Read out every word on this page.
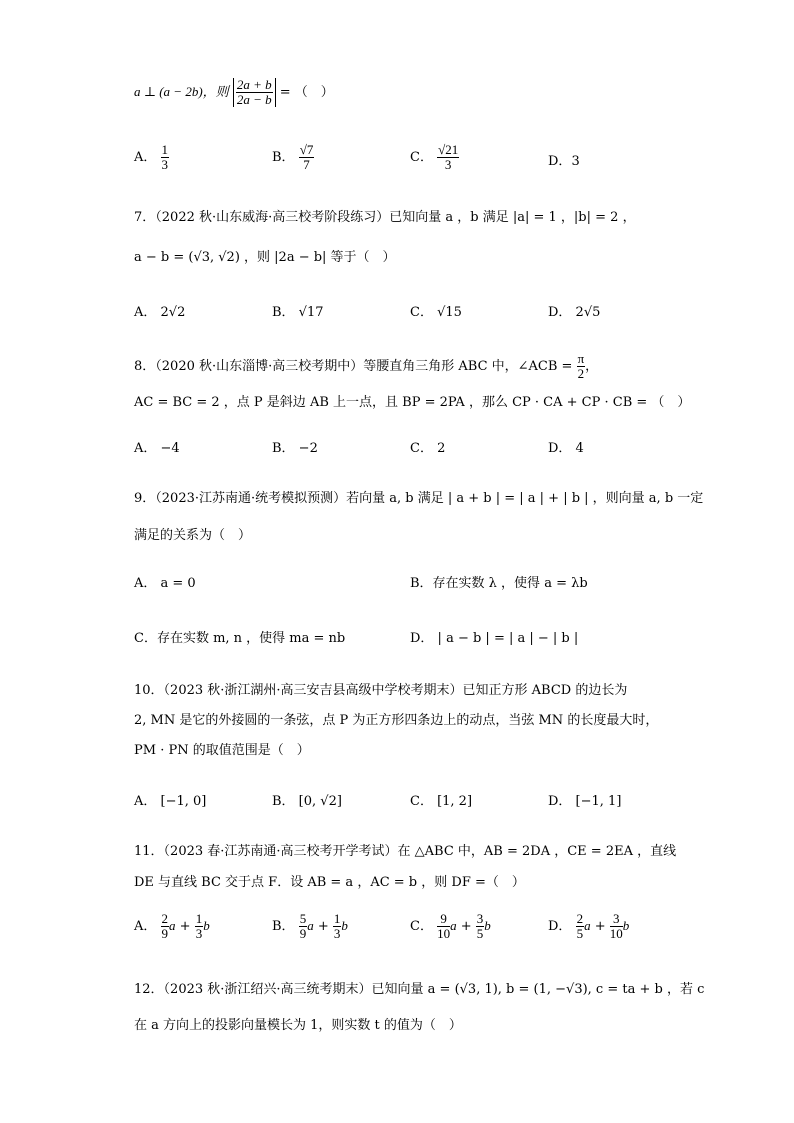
a ⊥ (a − 2b)，则 $\frac{2a + b}{2a - b}$ = （　）
A． $\frac{1}{3}$	B． $\frac{√7}{7}$	C． $\frac{√21}{3}$	D．3
7．（2022 秋·山东威海·高三校考阶段练习）已知向量 a ，b 满足 |a| = 1 ，|b| = 2 ，
a − b = (√3, √2) ，则 |2a − b| 等于（　）
A． 2√2	B． √17	C． √15	D． 2√5
8．（2020 秋·山东淄博·高三校考期中）等腰直角三角形 ABC 中，∠ACB = $\frac{\pi}{2}$ ，
AC = BC = 2 ，点 P 是斜边 AB 上一点，且 BP = 2PA ，那么 CP · CA + CP · CB = （　）
A． −4	B． −2	C． 2	D． 4
9．（2023·江苏南通·统考模拟预测）若向量 a, b 满足 | a + b | = | a | + | b | ，则向量 a, b 一定
满足的关系为（　）
A． a = 0	B．存在实数 λ ，使得 a = λb
C．存在实数 m, n ，使得 ma = nb	D． | a − b | = | a | − | b |
10．（2023 秋·浙江湖州·高三安吉县高级中学校考期末）已知正方形 ABCD 的边长为
2, MN 是它的外接圆的一条弦，点 P 为正方形四条边上的动点，当弦 MN 的长度最大时，
PM · PN 的取值范围是（　）
A． [−1, 0]	B． [0, √2]	C． [1, 2]	D． [−1, 1]
11．（2023 春·江苏南通·高三校考开学考试）在 △ABC 中，AB = 2DA ，CE = 2EA ，直线
DE 与直线 BC 交于点 F．设 AB = a ，AC = b ，则 DF =（　）
A． $\frac{2}{9}$ $a + \frac{1}{3}$ b	B． $\frac{5}{9}$ $a + \frac{1}{3}$ b	C． $\frac{9}{10}$ $a + \frac{3}{5}$ b	D． $\frac{2}{5}$ $a + \frac{3}{10}$ b
12．（2023 秋·浙江绍兴·高三统考期末）已知向量 a = (√3, 1), b = (1, −√3), c = ta + b ，若 c
在 a 方向上的投影向量模长为 1，则实数 t 的值为（　）
